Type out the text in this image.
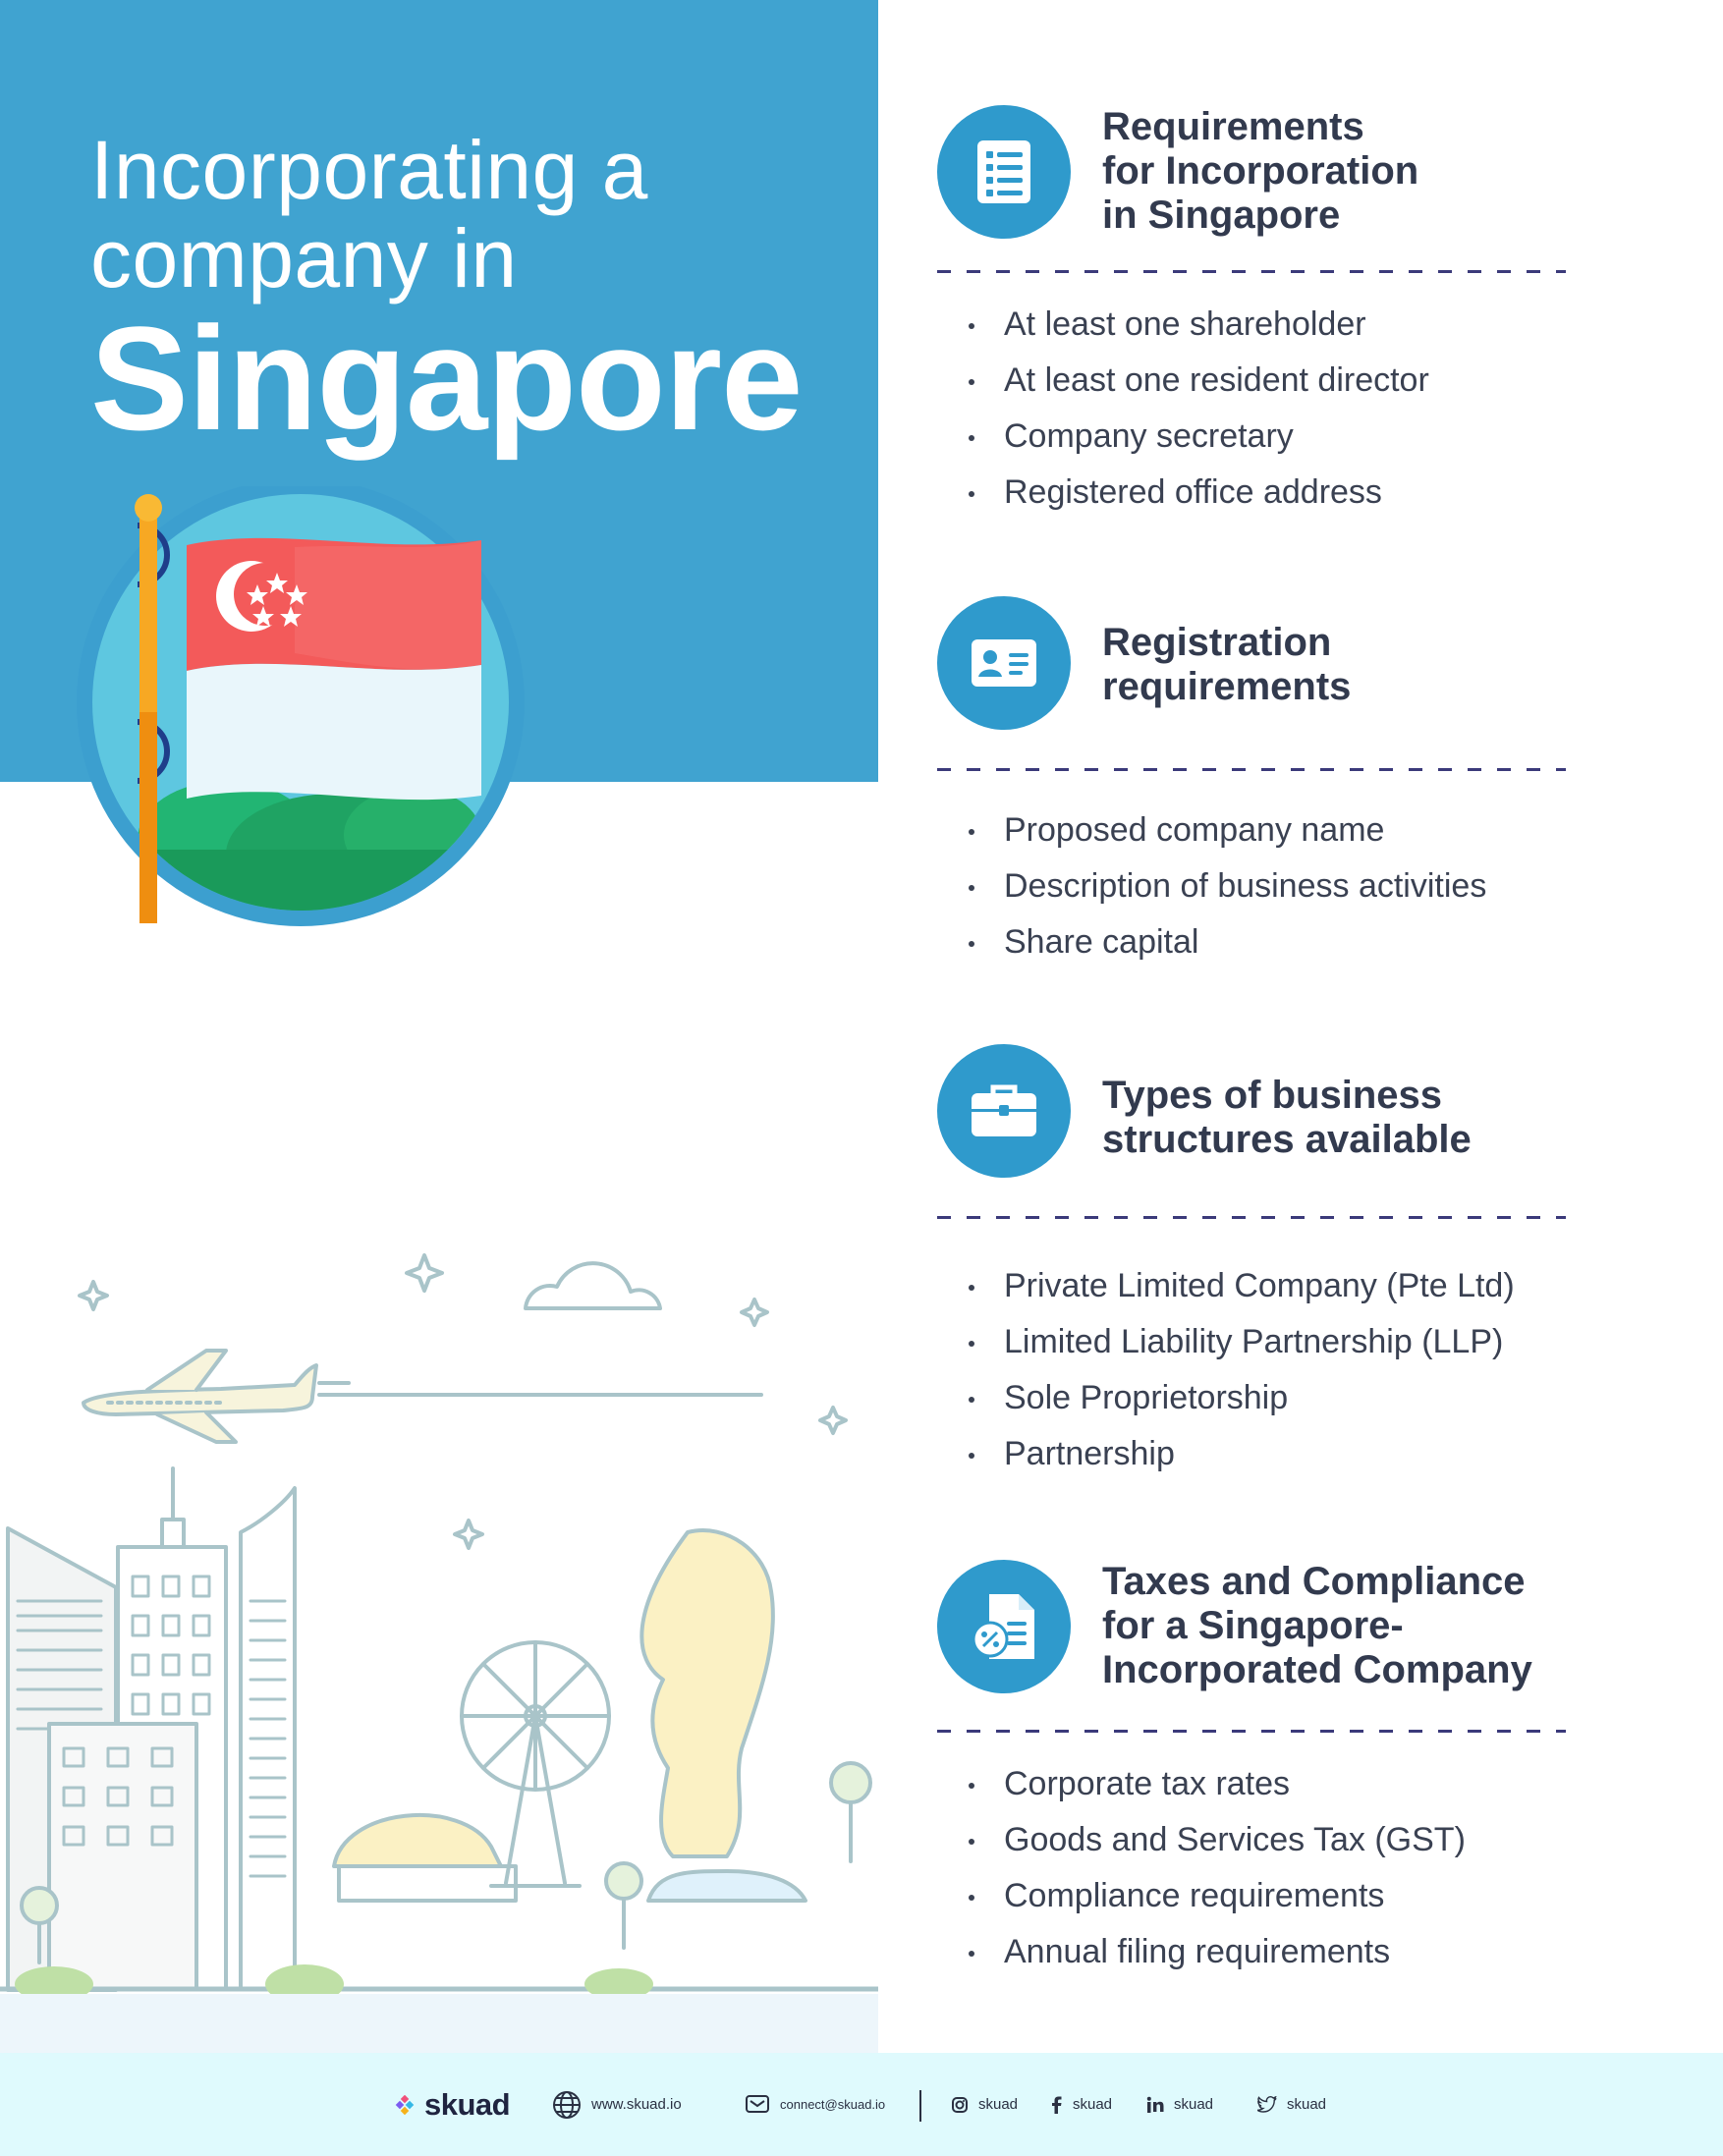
Incorporating a
company in
Singapore
Requirements
for Incorporation
in Singapore
At least one shareholder
At least one resident director
Company secretary
Registered office address
Registration
requirements
Proposed company name
Description of business activities
Share capital
Types of business
structures available
Private Limited Company (Pte Ltd)
Limited Liability Partnership (LLP)
Sole Proprietorship
Partnership
Taxes and Compliance
for a Singapore-
Incorporated Company
Corporate tax rates
Goods and Services Tax (GST)
Compliance requirements
Annual filing requirements
skuad	www.skuad.io	connect@skuad.io	skuad	skuad	skuad	skuad
